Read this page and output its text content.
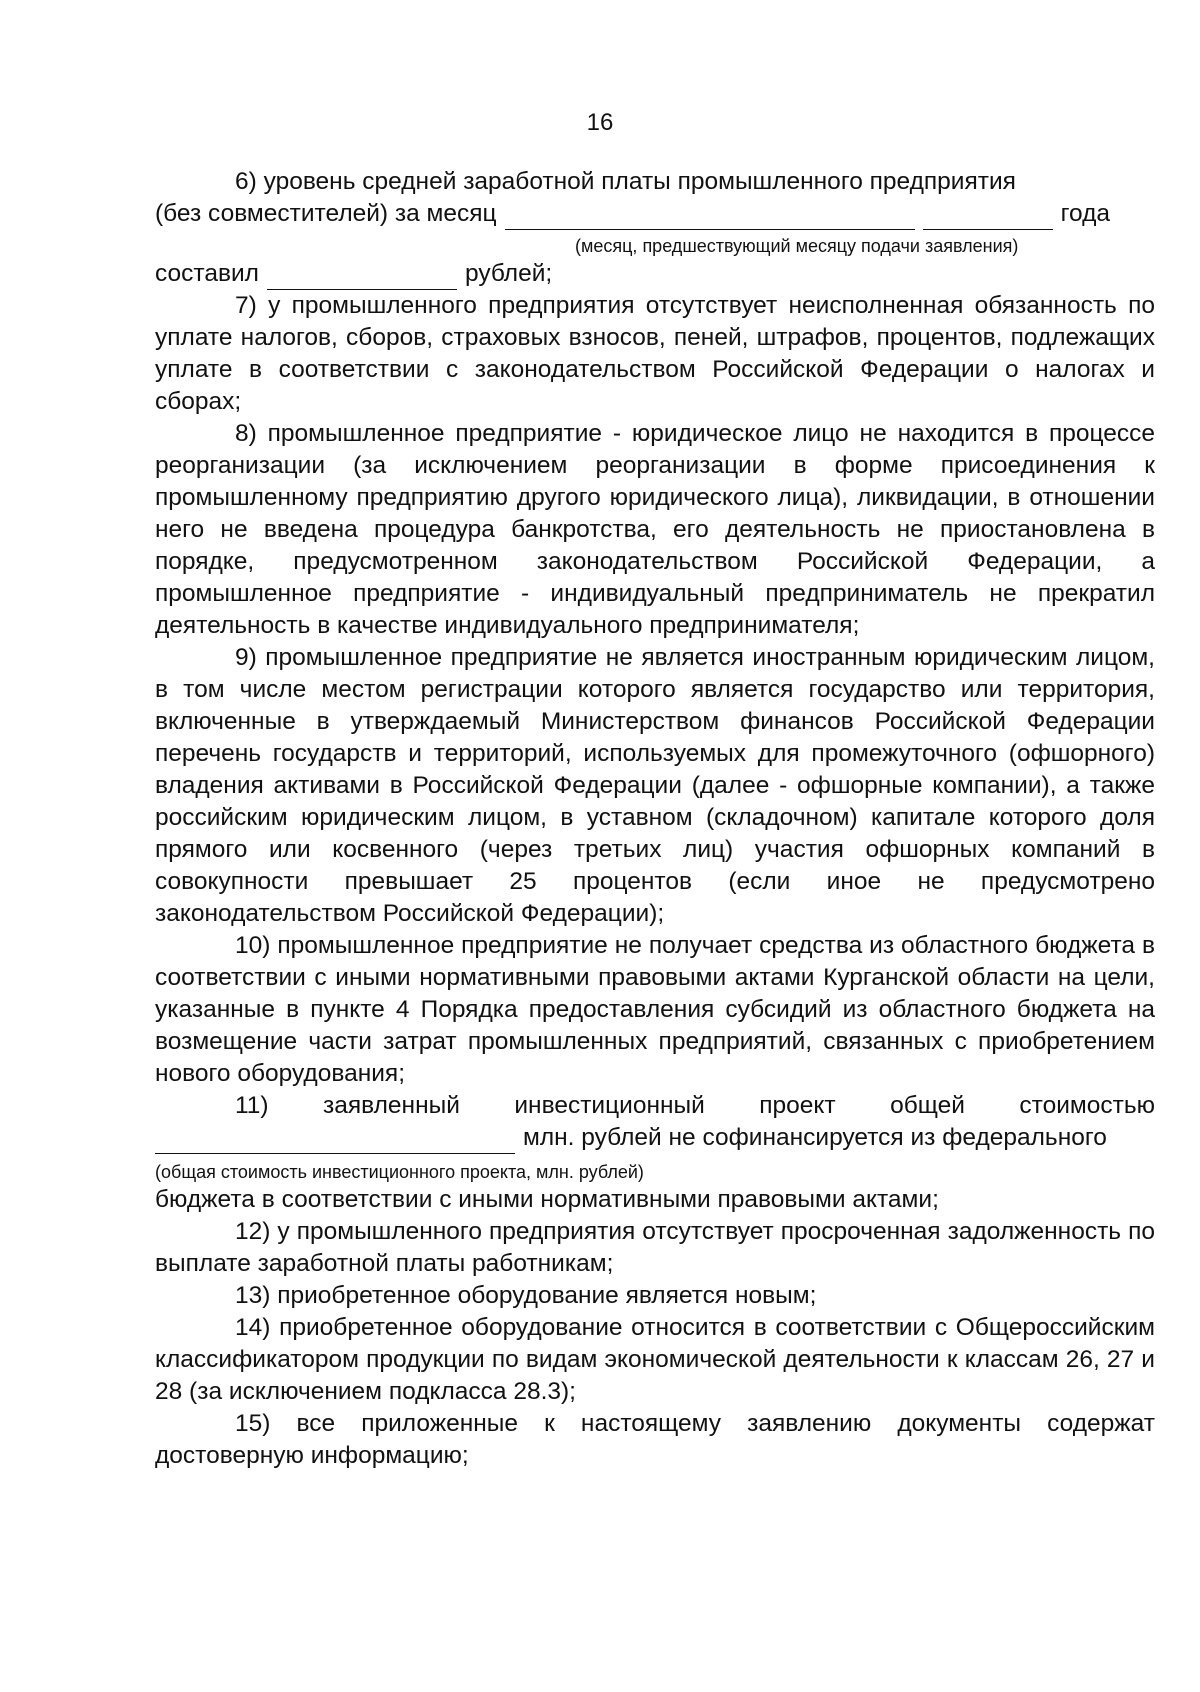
16

6) уровень средней заработной платы промышленного предприятия

(без совместителей) за месяц	года
(месяц, предшествующий месяцу подачи заявления)
составил	рублей;

7) у промышленного предприятия отсутствует неисполненная обязанность по уплате налогов, сборов, страховых взносов, пеней, штрафов, процентов, подлежащих уплате в соответствии с законодательством Российской Федерации о налогах и сборах;

8) промышленное предприятие - юридическое лицо не находится в процессе реорганизации (за исключением реорганизации в форме присоединения к промышленному предприятию другого юридического лица), ликвидации, в отношении него не введена процедура банкротства, его деятельность не приостановлена в порядке, предусмотренном законодательством Российской Федерации, а промышленное предприятие - индивидуальный предприниматель не прекратил деятельность в качестве индивидуального предпринимателя;

9) промышленное предприятие не является иностранным юридическим лицом, в том числе местом регистрации которого является государство или территория, включенные в утверждаемый Министерством финансов Российской Федерации перечень государств и территорий, используемых для промежуточного (офшорного) владения активами в Российской Федерации (далее - офшорные компании), а также российским юридическим лицом, в уставном (складочном) капитале которого доля прямого или косвенного (через третьих лиц) участия офшорных компаний в совокупности превышает 25 процентов (если иное не предусмотрено законодательством Российской Федерации);

10) промышленное предприятие не получает средства из областного бюджета в соответствии с иными нормативными правовыми актами Курганской области на цели, указанные в пункте 4 Порядка предоставления субсидий из областного бюджета на возмещение части затрат промышленных предприятий, связанных с приобретением нового оборудования;

11) заявленный инвестиционный проект общей стоимостью
млн. рублей не софинансируется из федерального
(общая стоимость инвестиционного проекта, млн. рублей)

бюджета в соответствии с иными нормативными правовыми актами;

12) у промышленного предприятия отсутствует просроченная задолженность по выплате заработной платы работникам;

13) приобретенное оборудование является новым;

14) приобретенное оборудование относится в соответствии с Общероссийским классификатором продукции по видам экономической деятельности к классам 26, 27 и 28 (за исключением подкласса 28.3);

15) все приложенные к настоящему заявлению документы содержат достоверную информацию;
